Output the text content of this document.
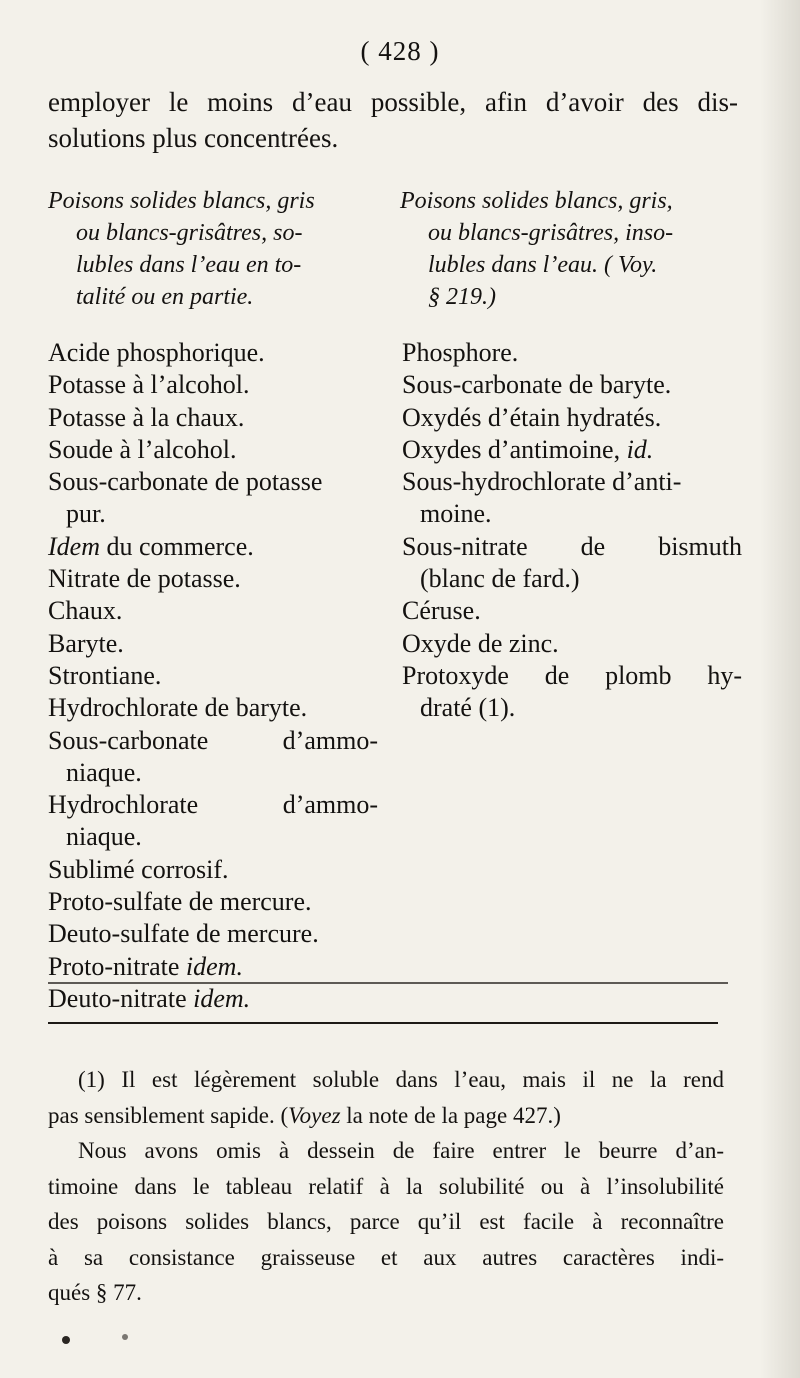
( 428 )
employer le moins d’eau possible, afin d’avoir des dis-
solutions plus concentrées.
Poisons solides blancs, gris
ou blancs-grisâtres, so-
lubles dans l’eau en to-
talité ou en partie.
Poisons solides blancs, gris,
ou blancs-grisâtres, inso-
lubles dans l’eau. ( Voy.
§ 219.)
Acide phosphorique.
Potasse à l’alcohol.
Potasse à la chaux.
Soude à l’alcohol.
Sous-carbonate de potasse
pur.
Idem du commerce.
Nitrate de potasse.
Chaux.
Baryte.
Strontiane.
Hydrochlorate de baryte.
Sous-carbonate d’ammo-
niaque.
Hydrochlorate d’ammo-
niaque.
Sublimé corrosif.
Proto-sulfate de mercure.
Deuto-sulfate de mercure.
Proto-nitrate idem.
Deuto-nitrate idem.
Phosphore.
Sous-carbonate de baryte.
Oxydés d’étain hydratés.
Oxydes d’antimoine, id.
Sous-hydrochlorate d’anti-
moine.
Sous-nitrate de bismuth
(blanc de fard.)
Céruse.
Oxyde de zinc.
Protoxyde de plomb hy-
draté (1).
(1) Il est légèrement soluble dans l’eau, mais il ne la rend
pas sensiblement sapide. (Voyez la note de la page 427.)
Nous avons omis à dessein de faire entrer le beurre d’an-
timoine dans le tableau relatif à la solubilité ou à l’insolubilité
des poisons solides blancs, parce qu’il est facile à reconnaître
à sa consistance graisseuse et aux autres caractères indi-
qués § 77.
